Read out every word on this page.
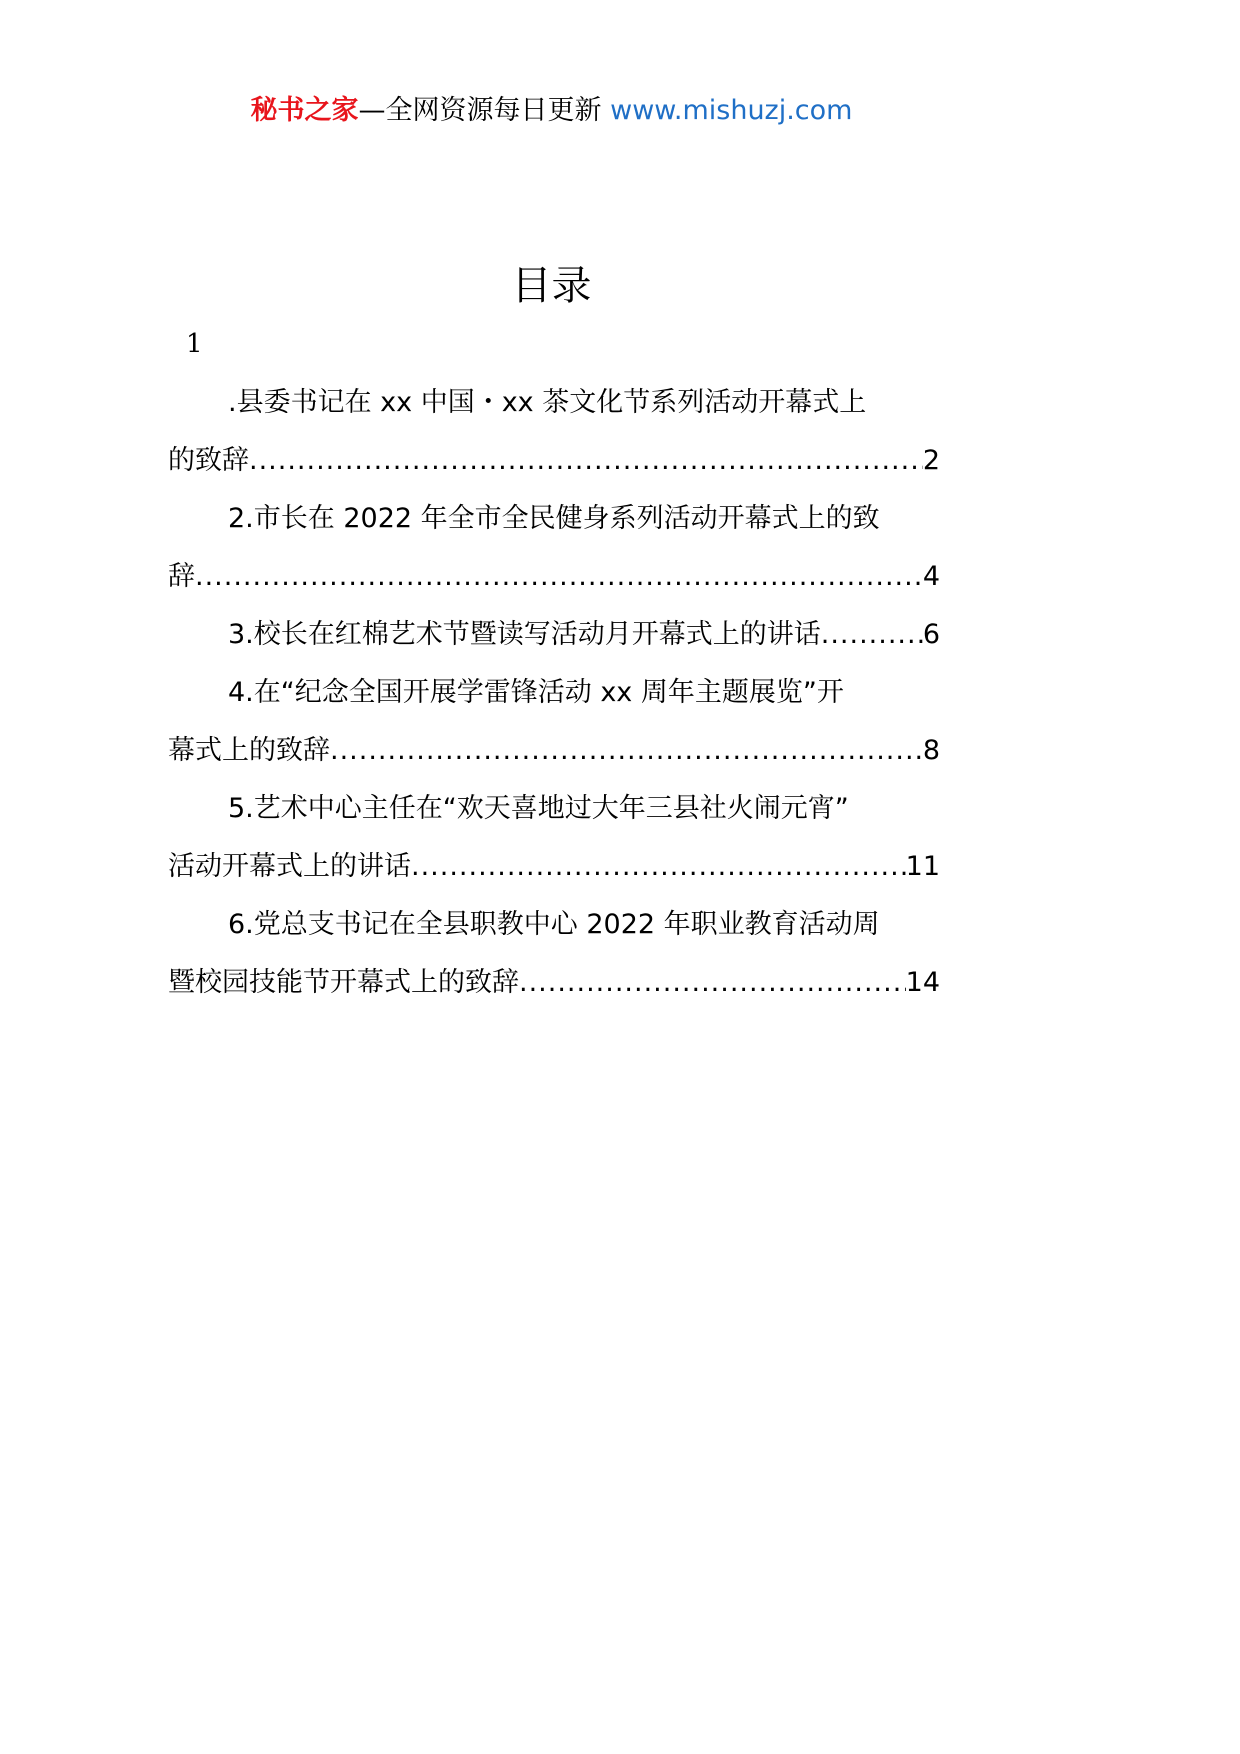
秘书之家—全网资源每日更新 www.mishuzj.com
目录
1
.县委书记在 xx 中国・xx 茶文化节系列活动开幕式上
的致辞 .....	2
2.市长在 2022 年全市全民健身系列活动开幕式上的致
辞 .....	4
3.校长在红棉艺术节暨读写活动月开幕式上的讲话 .....	6
4.在“纪念全国开展学雷锋活动 xx 周年主题展览”开
幕式上的致辞 .....	8
5.艺术中心主任在“欢天喜地过大年三县社火闹元宵”
活动开幕式上的讲话 .....	11
6.党总支书记在全县职教中心 2022 年职业教育活动周
暨校园技能节开幕式上的致辞 .....	14
